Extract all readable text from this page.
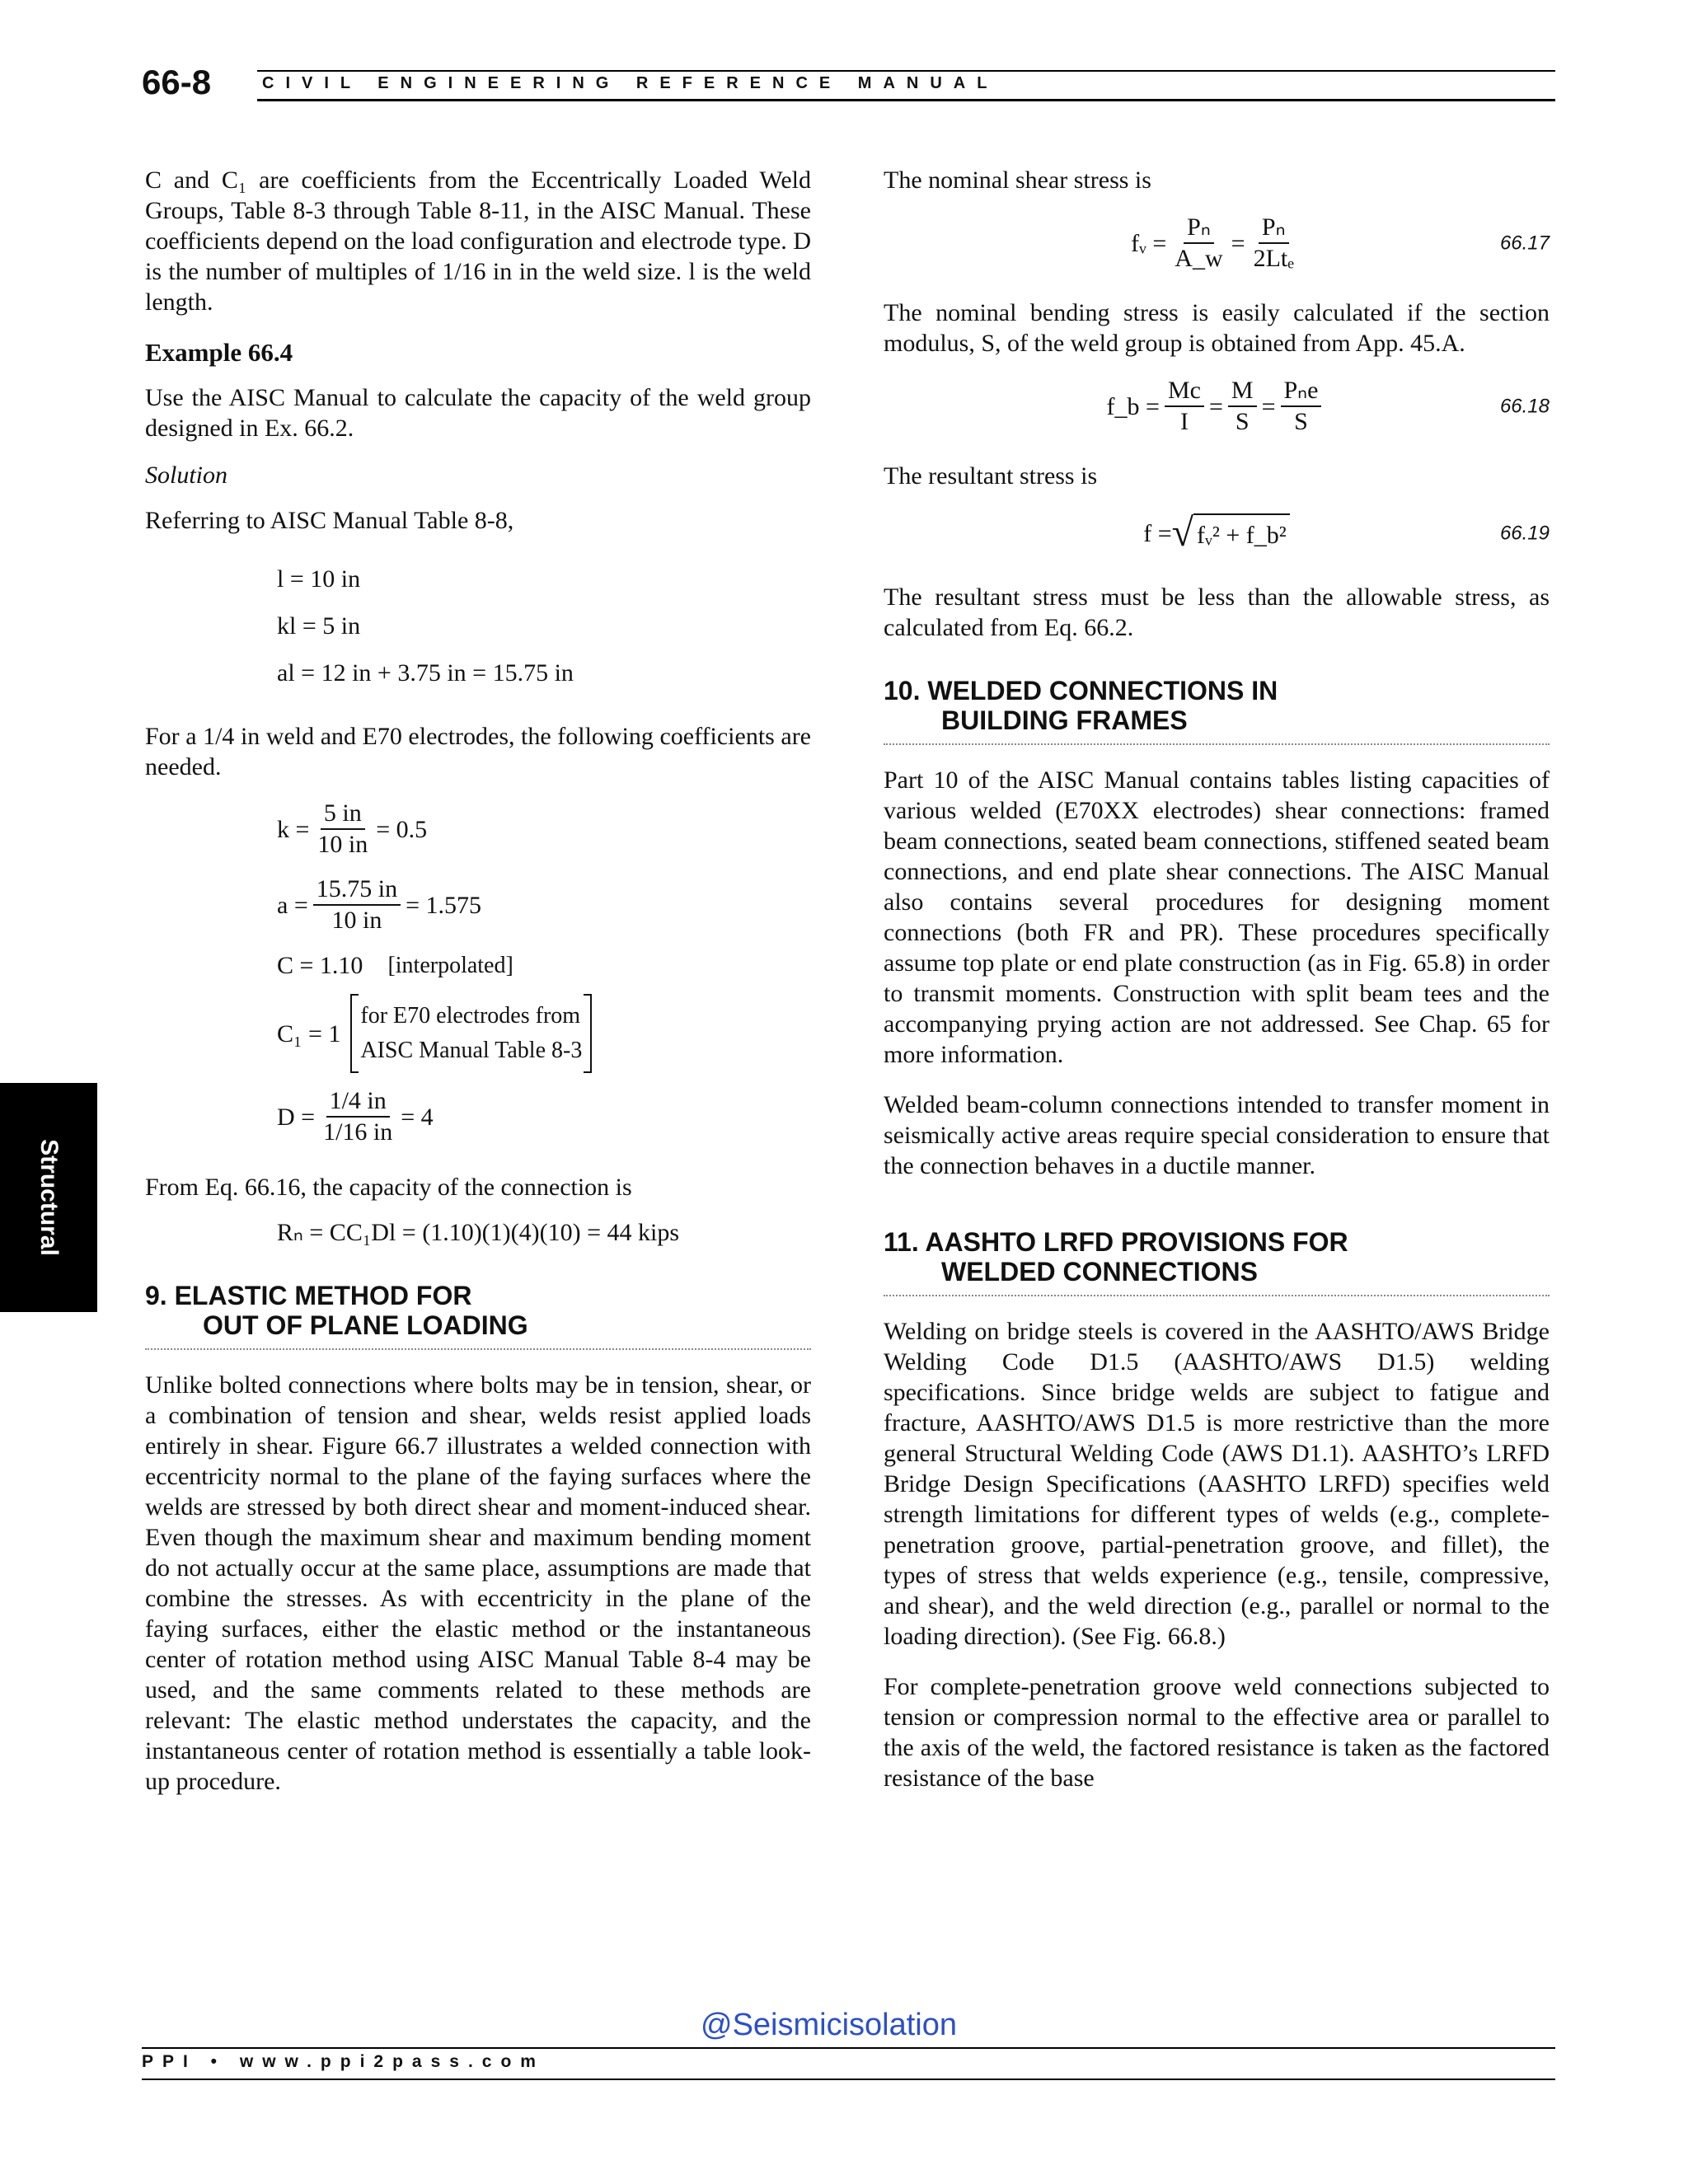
66-8	CIVIL ENGINEERING REFERENCE MANUAL
Structural

C and C₁ are coefficients from the Eccentrically Loaded Weld Groups, Table 8-3 through Table 8-11, in the AISC Manual. These coefficients depend on the load configuration and electrode type. D is the number of multiples of 1/16 in in the weld size. l is the weld length.

Example 66.4

Use the AISC Manual to calculate the capacity of the weld group designed in Ex. 66.2.

Solution

Referring to AISC Manual Table 8-8,

l = 10 in
kl = 5 in
al = 12 in + 3.75 in = 15.75 in

For a 1/4 in weld and E70 electrodes, the following coefficients are needed.

$k = \frac{5 in}{10 in} = 0.5$
$a = \frac{15.75 in}{10 in} = 1.575$
C = 1.10 [interpolated]
C₁ = 1
for E70 electrodes from
AISC Manual Table 8-3
$D = \frac{1/4 in}{1/16 in} = 4$

From Eq. 66.16, the capacity of the connection is

Rₙ = CC₁Dl = (1.10)(1)(4)(10) = 44 kips
9. ELASTIC METHOD FOR
OUT OF PLANE LOADING

Unlike bolted connections where bolts may be in tension, shear, or a combination of tension and shear, welds resist applied loads entirely in shear. Figure 66.7 illustrates a welded connection with eccentricity normal to the plane of the faying surfaces where the welds are stressed by both direct shear and moment-induced shear. Even though the maximum shear and maximum bending moment do not actually occur at the same place, assumptions are made that combine the stresses. As with eccentricity in the plane of the faying surfaces, either the elastic method or the instantaneous center of rotation method using AISC Manual Table 8-4 may be used, and the same comments related to these methods are relevant: The elastic method understates the capacity, and the instantaneous center of rotation method is essentially a table look-up procedure.

The nominal shear stress is

fᵥ = $\frac{\text{Pₙ}}{A\_w} = \frac{\text{Pₙ}}{\text{2Ltₑ}}$	66.17

The nominal bending stress is easily calculated if the section modulus, S, of the weld group is obtained from App. 45.A.

f_b = $\frac{Mc}{I} = \frac{M}{S} = \frac{\text{Pₙe}}{S}$	66.18

The resultant stress is

f = √ fᵥ² + f_b²	66.19

The resultant stress must be less than the allowable stress, as calculated from Eq. 66.2.

10. WELDED CONNECTIONS IN
BUILDING FRAMES

Part 10 of the AISC Manual contains tables listing capacities of various welded (E70XX electrodes) shear connections: framed beam connections, seated beam connections, stiffened seated beam connections, and end plate shear connections. The AISC Manual also contains several procedures for designing moment connections (both FR and PR). These procedures specifically assume top plate or end plate construction (as in Fig. 65.8) in order to transmit moments. Construction with split beam tees and the accompanying prying action are not addressed. See Chap. 65 for more information.

Welded beam-column connections intended to transfer moment in seismically active areas require special consideration to ensure that the connection behaves in a ductile manner.

11. AASHTO LRFD PROVISIONS FOR
WELDED CONNECTIONS

Welding on bridge steels is covered in the AASHTO/AWS Bridge Welding Code D1.5 (AASHTO/AWS D1.5) welding specifications. Since bridge welds are subject to fatigue and fracture, AASHTO/AWS D1.5 is more restrictive than the more general Structural Welding Code (AWS D1.1). AASHTO’s LRFD Bridge Design Specifications (AASHTO LRFD) specifies weld strength limitations for different types of welds (e.g., complete-penetration groove, partial-penetration groove, and fillet), the types of stress that welds experience (e.g., tensile, compressive, and shear), and the weld direction (e.g., parallel or normal to the loading direction). (See Fig. 66.8.)

For complete-penetration groove weld connections subjected to tension or compression normal to the effective area or parallel to the axis of the weld, the factored resistance is taken as the factored resistance of the base

@Seismicisolation
PPI • www.ppi2pass.com
